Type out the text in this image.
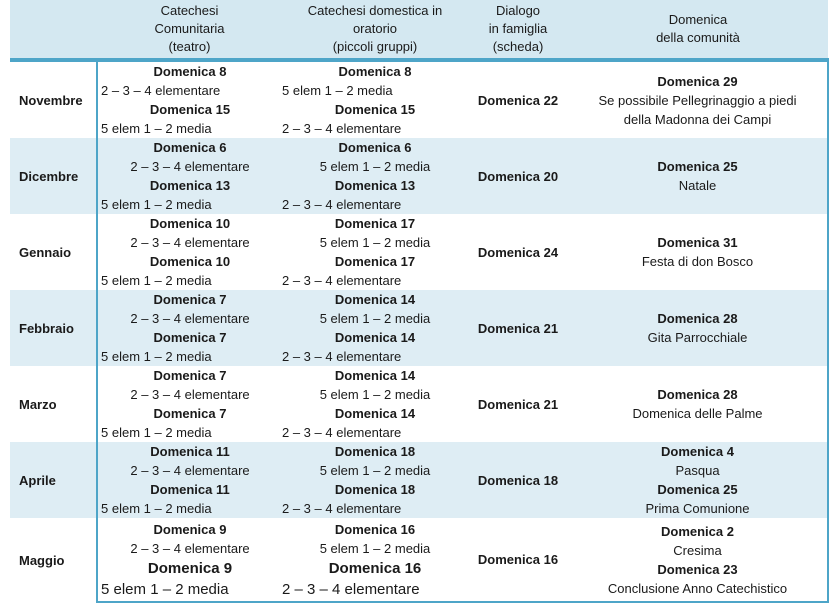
	Catechesi
Comunitaria
(teatro)	Catechesi domestica in
oratorio
(piccoli gruppi)	Dialogo
in famiglia
(scheda)	Domenica
della comunità

Novembre	Domenica 8
2 – 3 – 4 elementare
Domenica 15
5 elem 1 – 2 media	Domenica 8
5 elem 1 – 2 media
Domenica 15
2 – 3 – 4 elementare	Domenica 22	Domenica 29
Se possibile Pellegrinaggio a piedi
della Madonna dei Campi

Dicembre	Domenica 6
2 – 3 – 4 elementare
Domenica 13
5 elem 1 – 2 media	Domenica 6
5 elem 1 – 2 media
Domenica 13
2 – 3 – 4 elementare	Domenica 20	Domenica 25
Natale

Gennaio	Domenica 10
2 – 3 – 4 elementare
Domenica 10
5 elem 1 – 2 media	Domenica 17
5 elem 1 – 2 media
Domenica 17
2 – 3 – 4 elementare	Domenica 24	Domenica 31
Festa di don Bosco

Febbraio	Domenica 7
2 – 3 – 4 elementare
Domenica 7
5 elem 1 – 2 media	Domenica 14
5 elem 1 – 2 media
Domenica 14
2 – 3 – 4 elementare	Domenica 21	Domenica 28
Gita Parrocchiale

Marzo	Domenica 7
2 – 3 – 4 elementare
Domenica 7
5 elem 1 – 2 media	Domenica 14
5 elem 1 – 2 media
Domenica 14
2 – 3 – 4 elementare	Domenica 21	Domenica 28
Domenica delle Palme

Aprile	Domenica 11
2 – 3 – 4 elementare
Domenica 11
5 elem 1 – 2 media	Domenica 18
5 elem 1 – 2 media
Domenica 18
2 – 3 – 4 elementare	Domenica 18	Domenica 4
Pasqua
Domenica 25
Prima Comunione

Maggio	Domenica 9
2 – 3 – 4 elementare
Domenica 9
5 elem 1 – 2 media	Domenica 16
5 elem 1 – 2 media
Domenica 16
2 – 3 – 4 elementare	Domenica 16	Domenica 2
Cresima
Domenica 23
Conclusione Anno Catechistico
